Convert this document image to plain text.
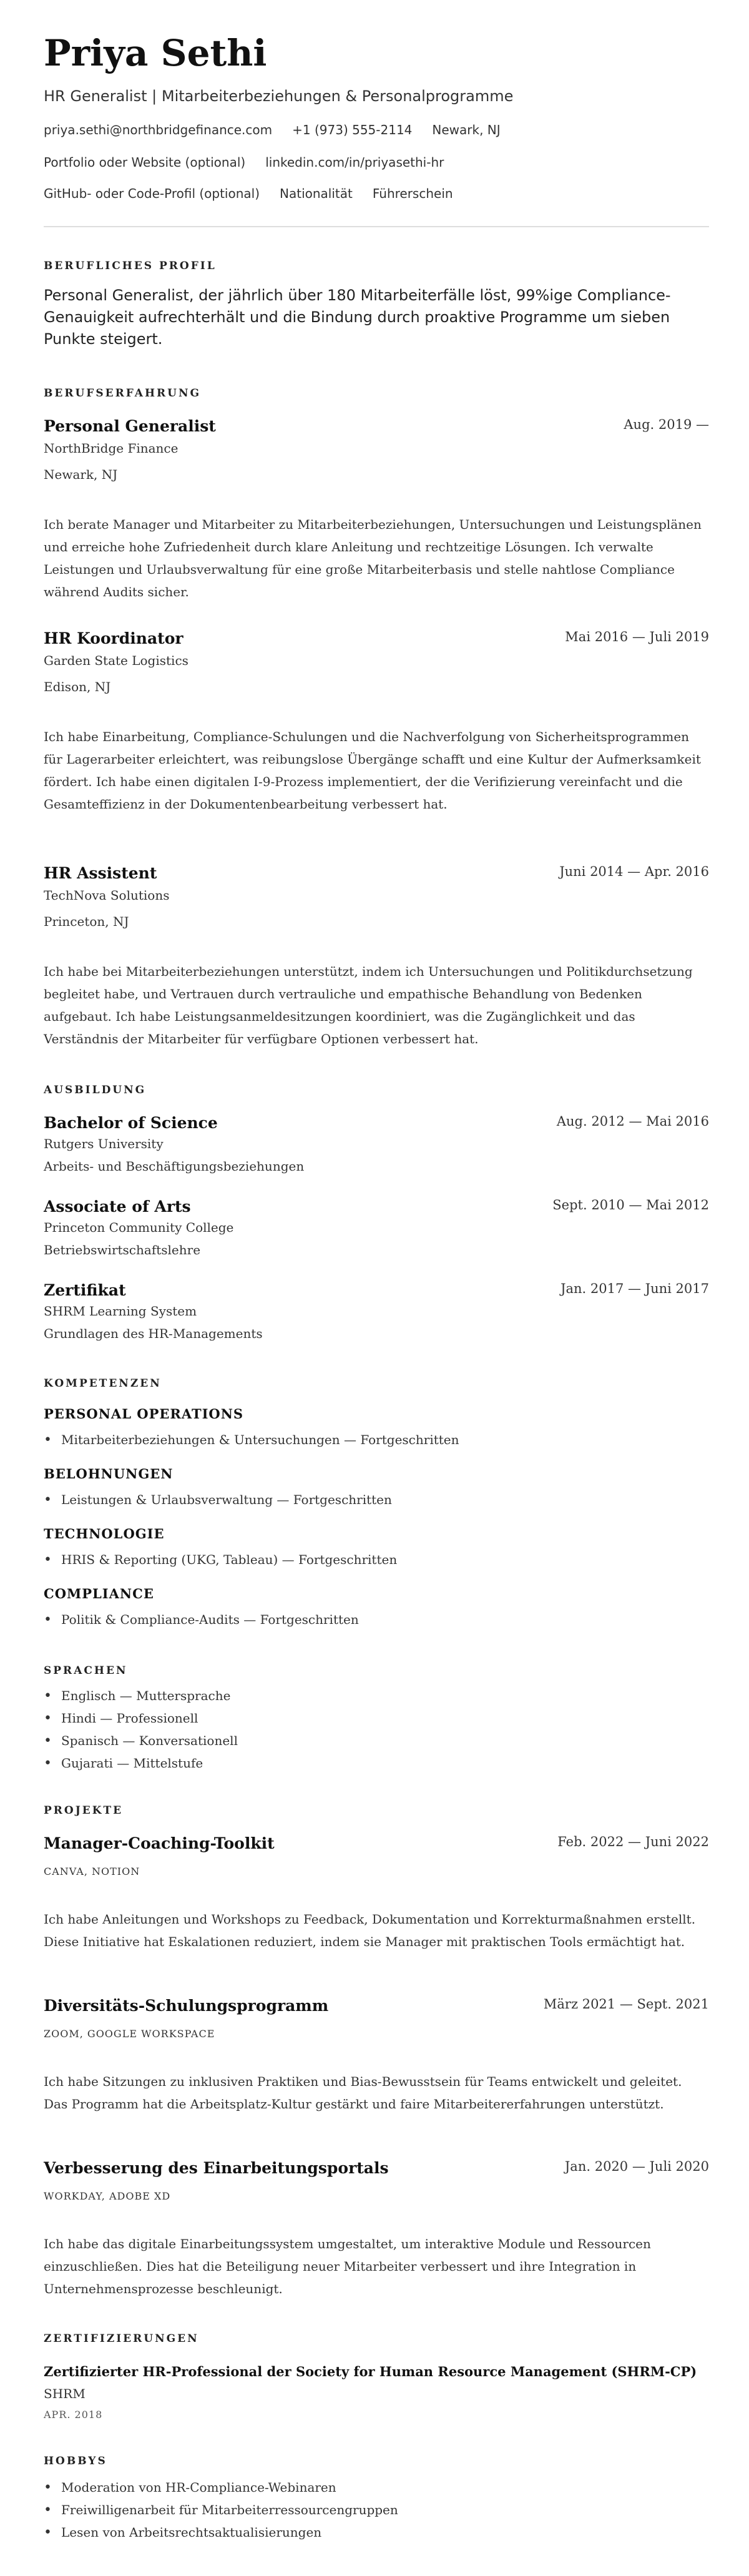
Priya Sethi
HR Generalist | Mitarbeiterbeziehungen & Personalprogramme
priya.sethi@northbridgefinance.com +1 (973) 555-2114 Newark, NJ
Portfolio oder Website (optional) linkedin.com/in/priyasethi-hr
GitHub- oder Code-Profil (optional) Nationalität Führerschein
BERUFLICHES PROFIL
Personal Generalist, der jährlich über 180 Mitarbeiterfälle löst, 99%ige Compliance-Genauigkeit aufrechterhält und die Bindung durch proaktive Programme um sieben Punkte steigert.
BERUFSERFAHRUNG
Personal Generalist	Aug. 2019 —
NorthBridge Finance
Newark, NJ
Ich berate Manager und Mitarbeiter zu Mitarbeiterbeziehungen, Untersuchungen und Leistungsplänen und erreiche hohe Zufriedenheit durch klare Anleitung und rechtzeitige Lösungen. Ich verwalte Leistungen und Urlaubsverwaltung für eine große Mitarbeiterbasis und stelle nahtlose Compliance während Audits sicher.
HR Koordinator	Mai 2016 — Juli 2019
Garden State Logistics
Edison, NJ
Ich habe Einarbeitung, Compliance-Schulungen und die Nachverfolgung von Sicherheitsprogrammen für Lagerarbeiter erleichtert, was reibungslose Übergänge schafft und eine Kultur der Aufmerksamkeit fördert. Ich habe einen digitalen I-9-Prozess implementiert, der die Verifizierung vereinfacht und die Gesamteffizienz in der Dokumentenbearbeitung verbessert hat.
HR Assistent	Juni 2014 — Apr. 2016
TechNova Solutions
Princeton, NJ
Ich habe bei Mitarbeiterbeziehungen unterstützt, indem ich Untersuchungen und Politikdurchsetzung begleitet habe, und Vertrauen durch vertrauliche und empathische Behandlung von Bedenken aufgebaut. Ich habe Leistungsanmeldesitzungen koordiniert, was die Zugänglichkeit und das Verständnis der Mitarbeiter für verfügbare Optionen verbessert hat.
AUSBILDUNG
Bachelor of Science	Aug. 2012 — Mai 2016
Rutgers University
Arbeits- und Beschäftigungsbeziehungen
Associate of Arts	Sept. 2010 — Mai 2012
Princeton Community College
Betriebswirtschaftslehre
Zertifikat	Jan. 2017 — Juni 2017
SHRM Learning System
Grundlagen des HR-Managements
KOMPETENZEN
PERSONAL OPERATIONS
• Mitarbeiterbeziehungen & Untersuchungen — Fortgeschritten
BELOHNUNGEN
• Leistungen & Urlaubsverwaltung — Fortgeschritten
TECHNOLOGIE
• HRIS & Reporting (UKG, Tableau) — Fortgeschritten
COMPLIANCE
• Politik & Compliance-Audits — Fortgeschritten
SPRACHEN
• Englisch — Muttersprache
• Hindi — Professionell
• Spanisch — Konversationell
• Gujarati — Mittelstufe
PROJEKTE
Manager-Coaching-Toolkit	Feb. 2022 — Juni 2022
CANVA, NOTION
Ich habe Anleitungen und Workshops zu Feedback, Dokumentation und Korrekturmaßnahmen erstellt. Diese Initiative hat Eskalationen reduziert, indem sie Manager mit praktischen Tools ermächtigt hat.
Diversitäts-Schulungsprogramm	März 2021 — Sept. 2021
ZOOM, GOOGLE WORKSPACE
Ich habe Sitzungen zu inklusiven Praktiken und Bias-Bewusstsein für Teams entwickelt und geleitet. Das Programm hat die Arbeitsplatz-Kultur gestärkt und faire Mitarbeitererfahrungen unterstützt.
Verbesserung des Einarbeitungsportals	Jan. 2020 — Juli 2020
WORKDAY, ADOBE XD
Ich habe das digitale Einarbeitungssystem umgestaltet, um interaktive Module und Ressourcen einzuschließen. Dies hat die Beteiligung neuer Mitarbeiter verbessert und ihre Integration in Unternehmensprozesse beschleunigt.
ZERTIFIZIERUNGEN
Zertifizierter HR-Professional der Society for Human Resource Management (SHRM-CP)
SHRM
APR. 2018
HOBBYS
• Moderation von HR-Compliance-Webinaren
• Freiwilligenarbeit für Mitarbeiterressourcengruppen
• Lesen von Arbeitsrechtsaktualisierungen
